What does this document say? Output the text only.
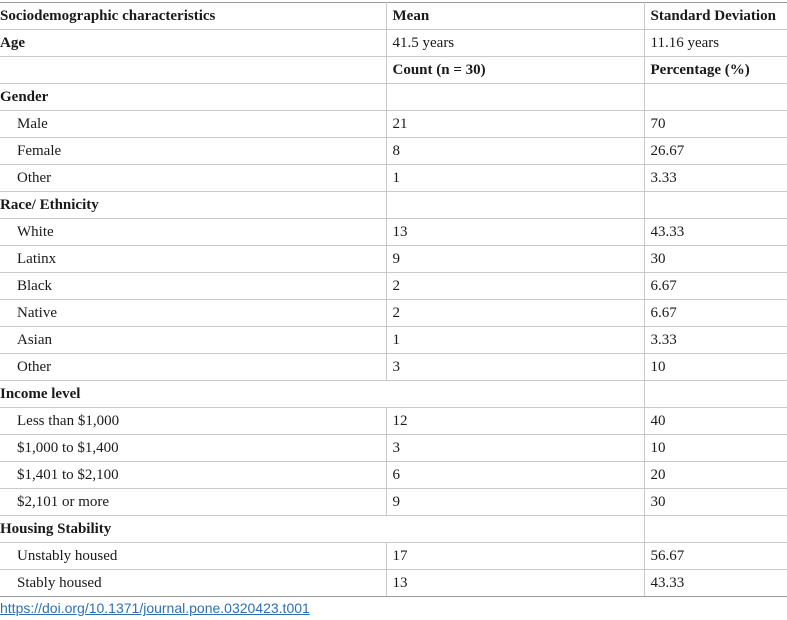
Sociodemographic characteristics	Mean	Standard Deviation
Age	41.5 years	11.16 years
	Count (n = 30)	Percentage (%)
Gender		
Male	21	70
Female	8	26.67
Other	1	3.33
Race/ Ethnicity		
White	13	43.33
Latinx	9	30
Black	2	6.67
Native	2	6.67
Asian	1	3.33
Other	3	10
Income level		
Less than $1,000	12	40
$1,000 to $1,400	3	10
$1,401 to $2,100	6	20
$2,101 or more	9	30
Housing Stability		
Unstably housed	17	56.67
Stably housed	13	43.33
https://doi.org/10.1371/journal.pone.0320423.t001
